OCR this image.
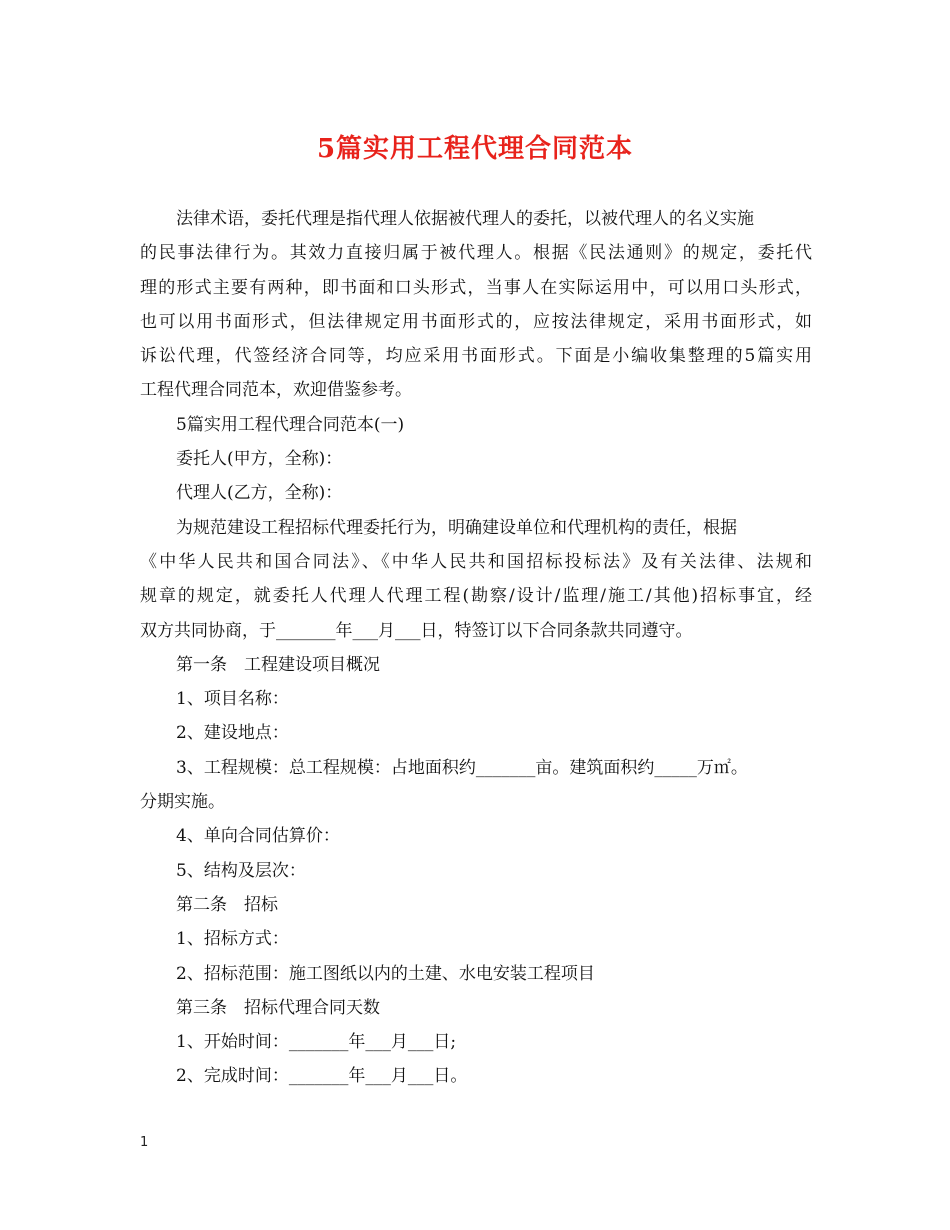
5篇实用工程代理合同范本
法律术语，委托代理是指代理人依据被代理人的委托，以被代理人的名义实施
的民事法律行为。其效力直接归属于被代理人。根据《民法通则》的规定，委托代
理的形式主要有两种，即书面和口头形式，当事人在实际运用中，可以用口头形式，
也可以用书面形式，但法律规定用书面形式的，应按法律规定，采用书面形式，如
诉讼代理，代签经济合同等，均应采用书面形式。下面是小编收集整理的5篇实用
工程代理合同范本，欢迎借鉴参考。
5篇实用工程代理合同范本(一)
委托人(甲方，全称)：
代理人(乙方，全称)：
为规范建设工程招标代理委托行为，明确建设单位和代理机构的责任，根据
《中华人民共和国合同法》、《中华人民共和国招标投标法》及有关法律、法规和
规章的规定，就委托人代理人代理工程(勘察/设计/监理/施工/其他)招标事宜，经
双方共同协商，于_______年___月___日，特签订以下合同条款共同遵守。
第一条　工程建设项目概况
1、项目名称：
2、建设地点：
3、工程规模：总工程规模：占地面积约_______亩。建筑面积约_____万㎡。
分期实施。
4、单向合同估算价：
5、结构及层次：
第二条　招标
1、招标方式：
2、招标范围：施工图纸以内的土建、水电安装工程项目
第三条　招标代理合同天数
1、开始时间：_______年___月___日;
2、完成时间：_______年___月___日。
1
